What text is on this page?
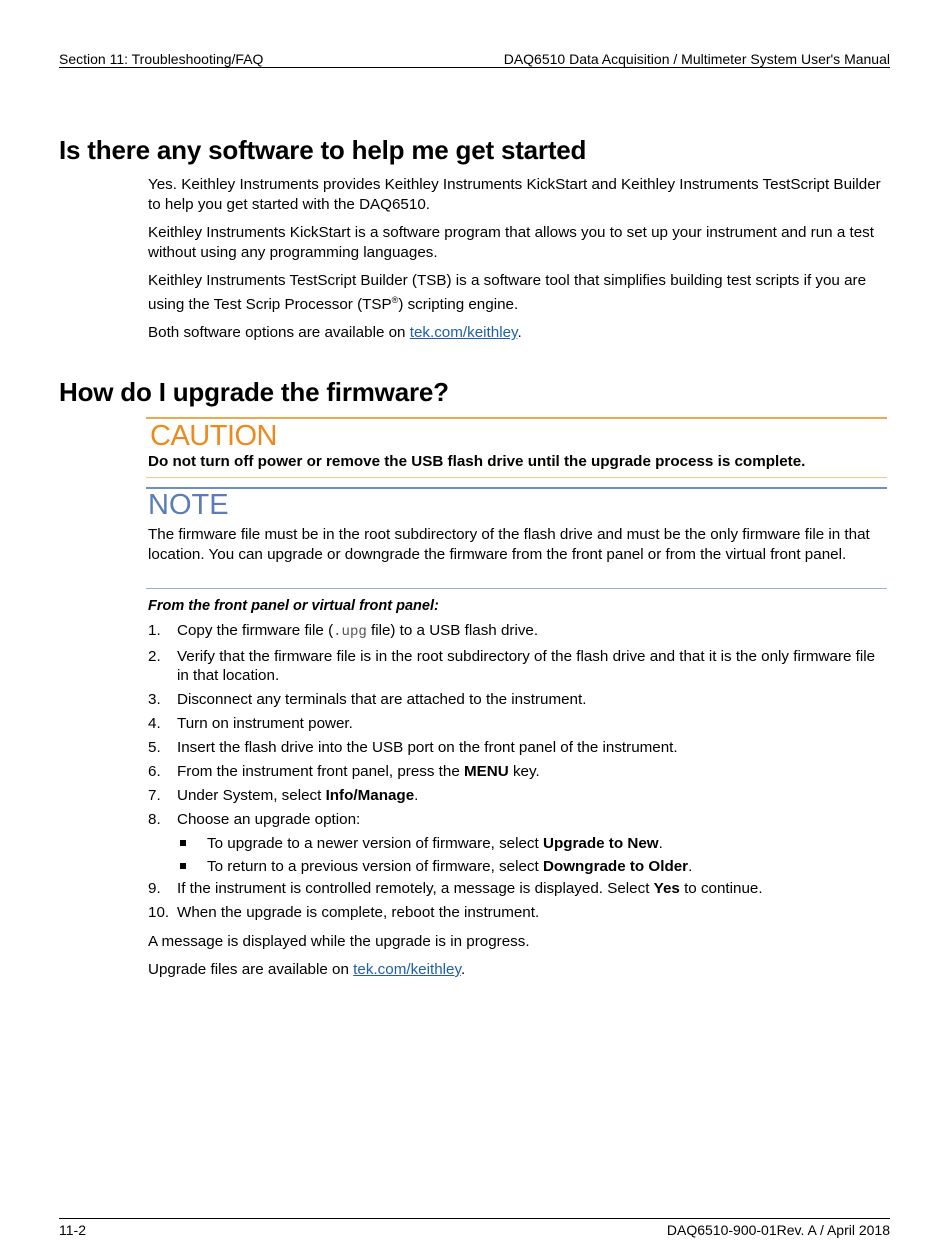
Section 11: Troubleshooting/FAQ	DAQ6510 Data Acquisition / Multimeter System User's Manual
Is there any software to help me get started

Yes. Keithley Instruments provides Keithley Instruments KickStart and Keithley Instruments TestScript Builder to help you get started with the DAQ6510.

Keithley Instruments KickStart is a software program that allows you to set up your instrument and run a test without using any programming languages.

Keithley Instruments TestScript Builder (TSB) is a software tool that simplifies building test scripts if you are using the Test Scrip Processor (TSP®) scripting engine.

Both software options are available on tek.com/keithley.

How do I upgrade the firmware?
CAUTION
Do not turn off power or remove the USB flash drive until the upgrade process is complete.
NOTE
The firmware file must be in the root subdirectory of the flash drive and must be the only firmware file in that location. You can upgrade or downgrade the firmware from the front panel or from the virtual front panel.
From the front panel or virtual front panel:
1. Copy the firmware file (.upg file) to a USB flash drive.
2. Verify that the firmware file is in the root subdirectory of the flash drive and that it is the only firmware file in that location.
3. Disconnect any terminals that are attached to the instrument.
4. Turn on instrument power.
5. Insert the flash drive into the USB port on the front panel of the instrument.
6. From the instrument front panel, press the MENU key.
7. Under System, select Info/Manage.
8. Choose an upgrade option:
To upgrade to a newer version of firmware, select Upgrade to New.
To return to a previous version of firmware, select Downgrade to Older.
9. If the instrument is controlled remotely, a message is displayed. Select Yes to continue.
10. When the upgrade is complete, reboot the instrument.

A message is displayed while the upgrade is in progress.

Upgrade files are available on tek.com/keithley.

11-2	DAQ6510-900-01Rev. A / April 2018
